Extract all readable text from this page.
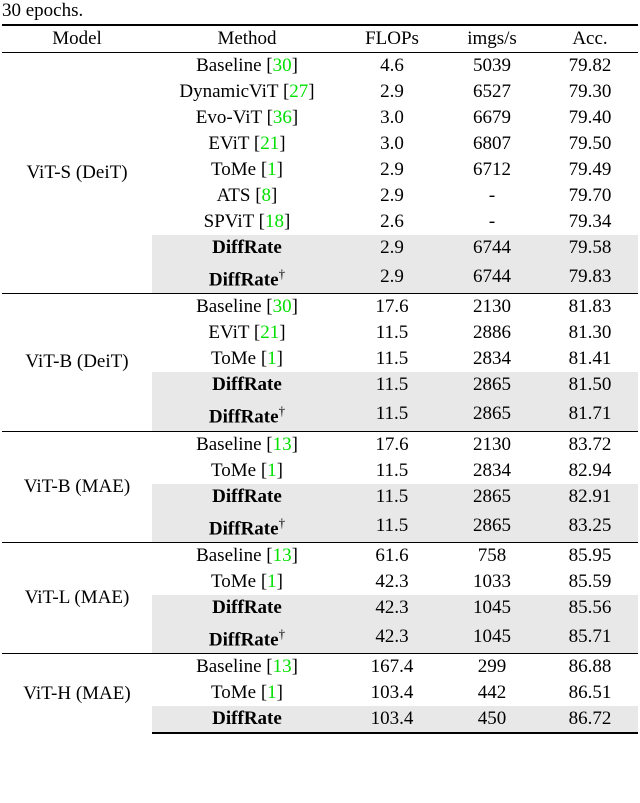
30 epochs.
Model	Method	FLOPs	imgs/s	Acc.
ViT-S (DeiT)	Baseline [30]	4.6	5039	79.82
	DynamicViT [27]	2.9	6527	79.30
	Evo-ViT [36]	3.0	6679	79.40
	EViT [21]	3.0	6807	79.50
	ToMe [1]	2.9	6712	79.49
	ATS [8]	2.9	-	79.70
	SPViT [18]	2.6	-	79.34
	DiffRate	2.9	6744	79.58
	DiffRate†	2.9	6744	79.83
ViT-B (DeiT)	Baseline [30]	17.6	2130	81.83
	EViT [21]	11.5	2886	81.30
	ToMe [1]	11.5	2834	81.41
	DiffRate	11.5	2865	81.50
	DiffRate†	11.5	2865	81.71
ViT-B (MAE)	Baseline [13]	17.6	2130	83.72
	ToMe [1]	11.5	2834	82.94
	DiffRate	11.5	2865	82.91
	DiffRate†	11.5	2865	83.25
ViT-L (MAE)	Baseline [13]	61.6	758	85.95
	ToMe [1]	42.3	1033	85.59
	DiffRate	42.3	1045	85.56
	DiffRate†	42.3	1045	85.71
ViT-H (MAE)	Baseline [13]	167.4	299	86.88
	ToMe [1]	103.4	442	86.51
	DiffRate	103.4	450	86.72
